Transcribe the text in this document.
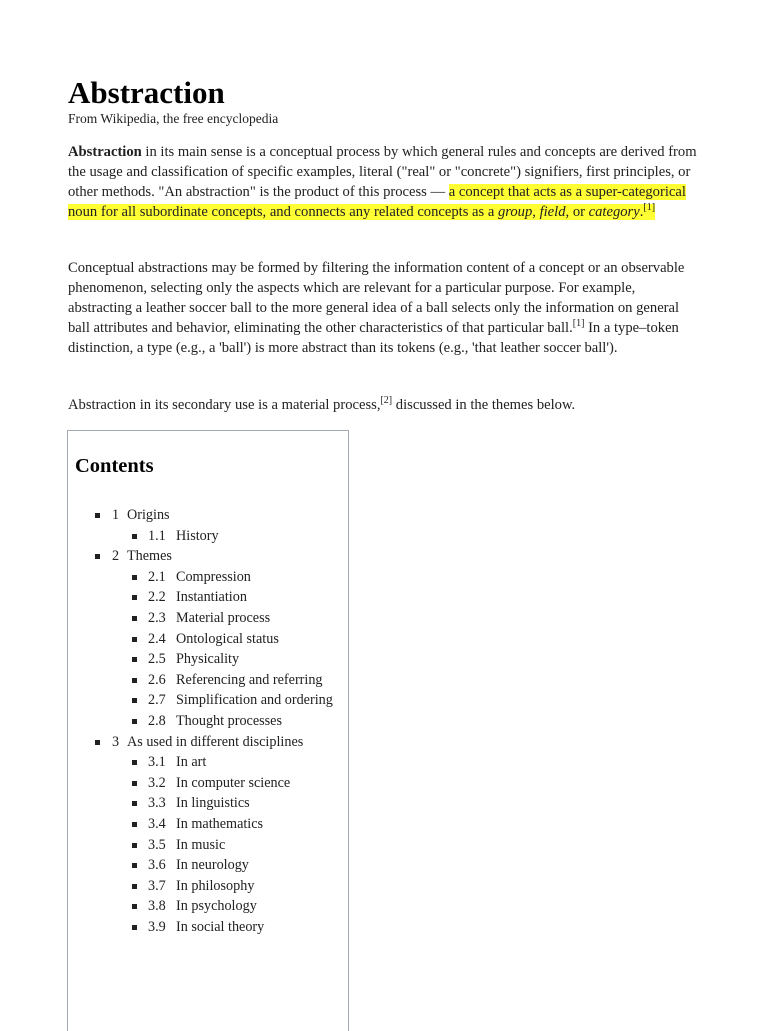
Abstraction
From Wikipedia, the free encyclopedia
Abstraction in its main sense is a conceptual process by which general rules and concepts are derived from the usage and classification of specific examples, literal ("real" or "concrete") signifiers, first principles, or other methods. "An abstraction" is the product of this process — a concept that acts as a super-categorical noun for all subordinate concepts, and connects any related concepts as a group, field, or category.[1]
Conceptual abstractions may be formed by filtering the information content of a concept or an observable phenomenon, selecting only the aspects which are relevant for a particular purpose. For example, abstracting a leather soccer ball to the more general idea of a ball selects only the information on general ball attributes and behavior, eliminating the other characteristics of that particular ball.[1] In a type–token distinction, a type (e.g., a 'ball') is more abstract than its tokens (e.g., 'that leather soccer ball').
Abstraction in its secondary use is a material process,[2] discussed in the themes below.
Contents
1 Origins
1.1 History
2 Themes
2.1 Compression
2.2 Instantiation
2.3 Material process
2.4 Ontological status
2.5 Physicality
2.6 Referencing and referring
2.7 Simplification and ordering
2.8 Thought processes
3 As used in different disciplines
3.1 In art
3.2 In computer science
3.3 In linguistics
3.4 In mathematics
3.5 In music
3.6 In neurology
3.7 In philosophy
3.8 In psychology
3.9 In social theory
